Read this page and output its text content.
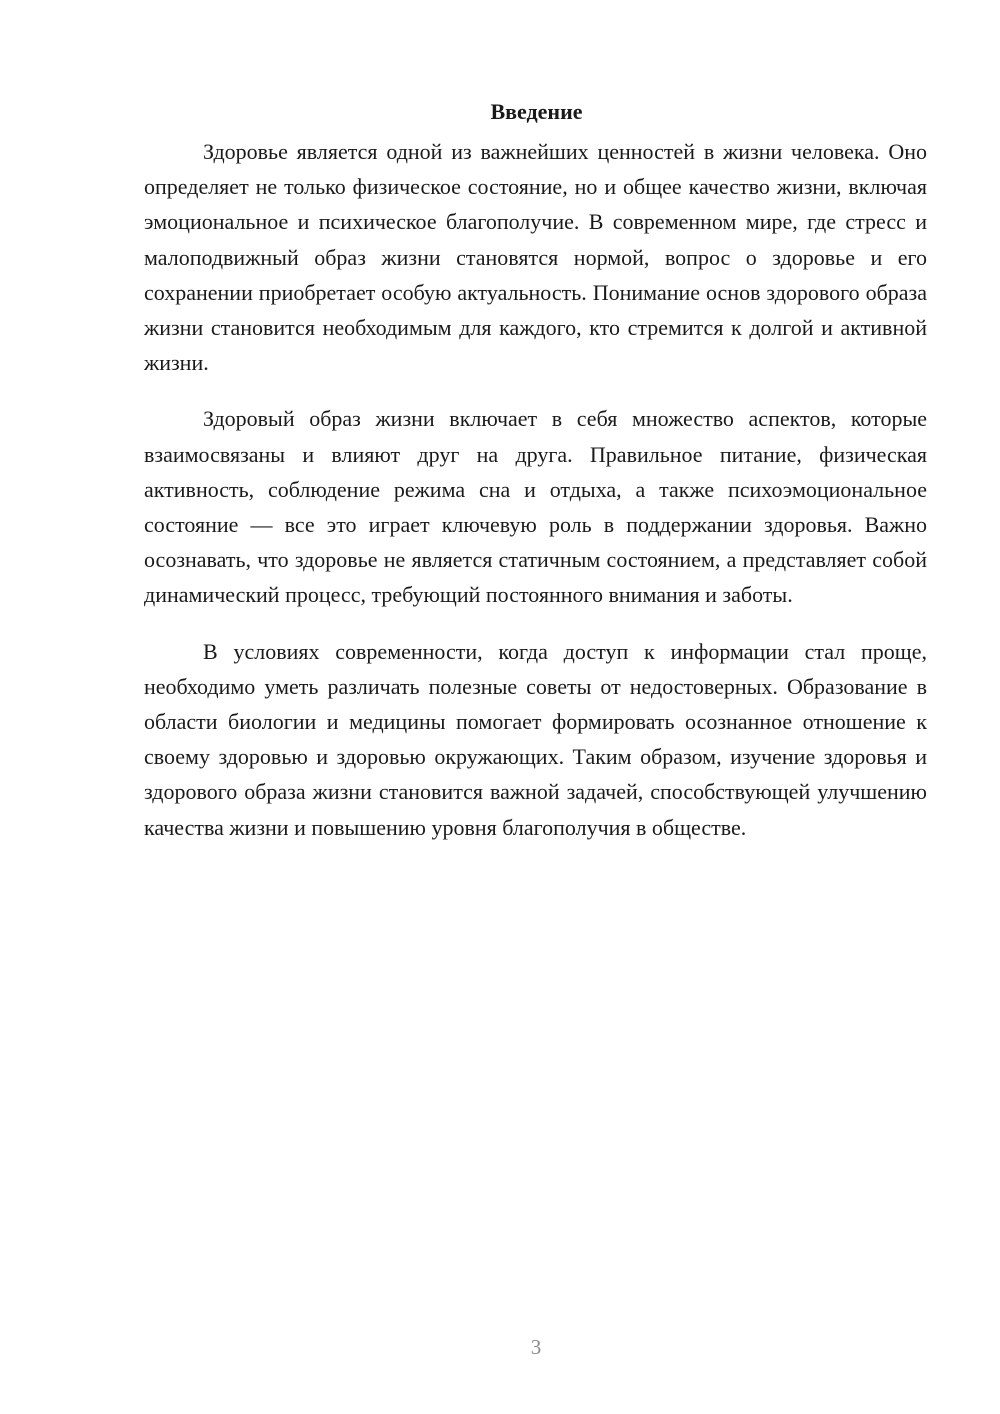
Введение

Здоровье является одной из важнейших ценностей в жизни человека. Оно определяет не только физическое состояние, но и общее качество жизни, включая эмоциональное и психическое благополучие. В современном мире, где стресс и малоподвижный образ жизни становятся нормой, вопрос о здоровье и его сохранении приобретает особую актуальность. Понимание основ здорового образа жизни становится необходимым для каждого, кто стремится к долгой и активной жизни.

Здоровый образ жизни включает в себя множество аспектов, которые взаимосвязаны и влияют друг на друга. Правильное питание, физическая активность, соблюдение режима сна и отдыха, а также психоэмоциональное состояние — все это играет ключевую роль в поддержании здоровья. Важно осознавать, что здоровье не является статичным состоянием, а представляет собой динамический процесс, требующий постоянного внимания и заботы.

В условиях современности, когда доступ к информации стал проще, необходимо уметь различать полезные советы от недостоверных. Образование в области биологии и медицины помогает формировать осознанное отношение к своему здоровью и здоровью окружающих. Таким образом, изучение здоровья и здорового образа жизни становится важной задачей, способствующей улучшению качества жизни и повышению уровня благополучия в обществе.

3
